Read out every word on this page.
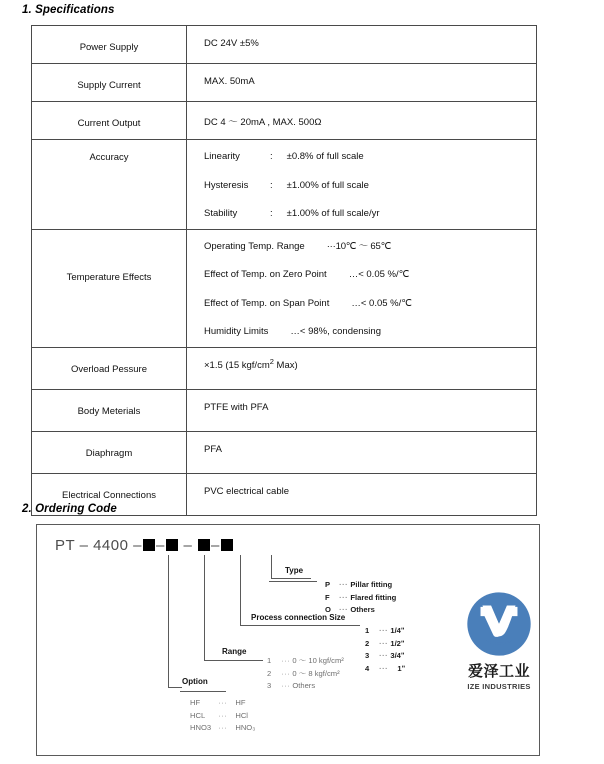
1. Specifications
Power Supply	DC 24V ±5%
Supply Current	MAX. 50mA
Current Output	DC 4 ～ 20mA , MAX. 500Ω
Accuracy	Linearity : ±0.8% of full scale
Hysteresis : ±1.00% of full scale
Stability : ±1.00% of full scale/yr

Temperature Effects	Operating Temp. Range ···10℃ ～ 65℃
Effect of Temp. on Zero Point …< 0.05 %/℃
Effect of Temp. on Span Point …< 0.05 %/℃
Humidity Limits …< 98%, condensing

Overload Pessure	×1.5 (15 kgf/$cm^2$ Max)
Body Meterials	PTFE with PFA
Diaphragm	PFA
Electrical Connections	PVC electrical cable
2. Ordering Code
PT – 4400 – – – –
Type
P ··· Pillar fitting
F ··· Flared fitting
O ··· Others
Process connection Size
1 ··· 1/4ʺ
2 ··· 1/2ʺ
3 ··· 3/4ʺ
4 ··· 1ʺ
Range
1 ··· 0 ～ 10 kgf/cm²
2 ··· 0 ～ 8 kgf/cm²
3 ··· Others
Option
HF ··· HF
HCL ··· HCl
HNO3 ··· HNO₃
爱泽工业
IZE INDUSTRIES
